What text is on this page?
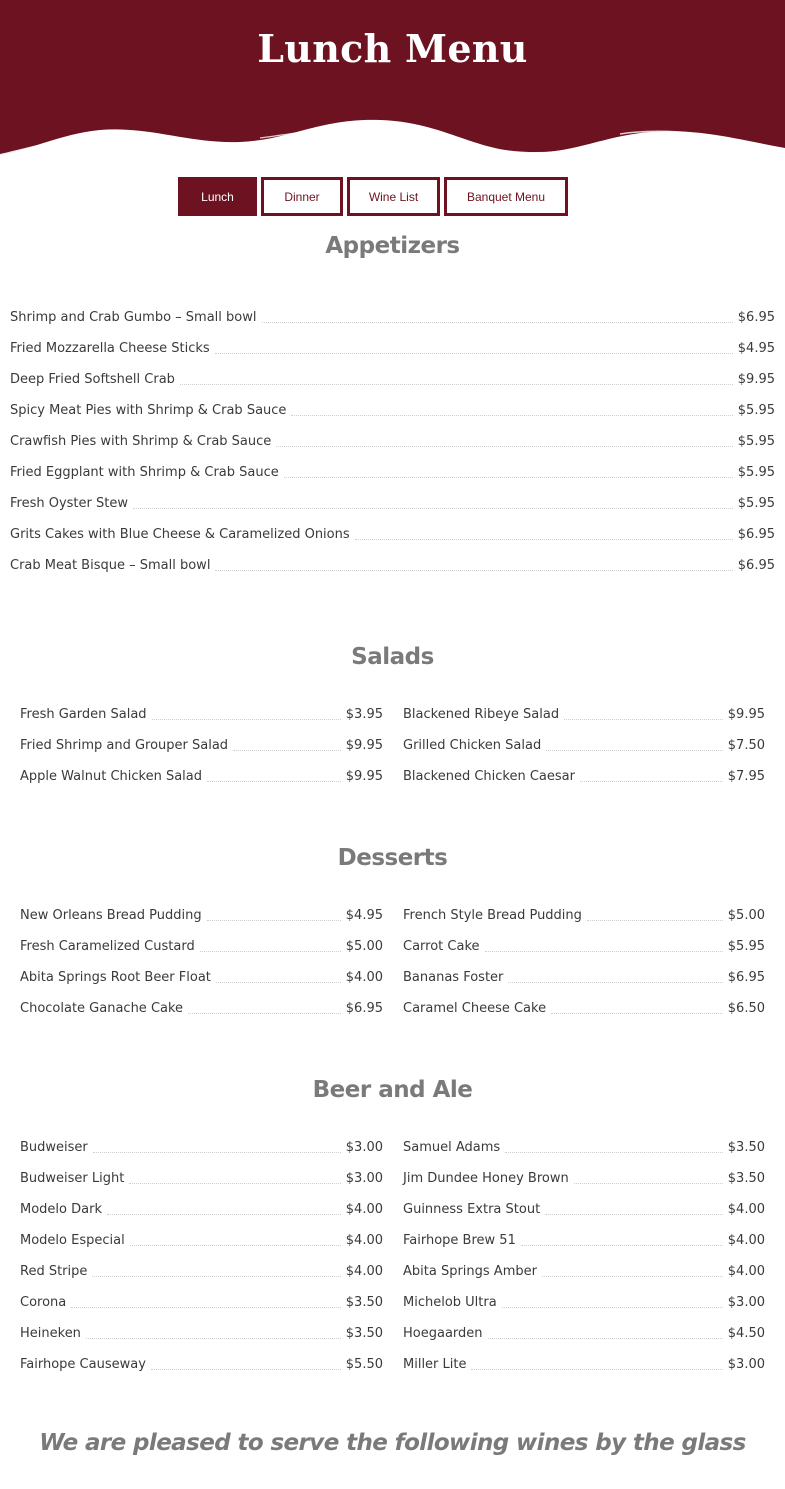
Lunch Menu
Lunch	Dinner	Wine List	Banquet Menu
Appetizers
Shrimp and Crab Gumbo – Small bowl	$6.95
Fried Mozzarella Cheese Sticks	$4.95
Deep Fried Softshell Crab	$9.95
Spicy Meat Pies with Shrimp & Crab Sauce	$5.95
Crawfish Pies with Shrimp & Crab Sauce	$5.95
Fried Eggplant with Shrimp & Crab Sauce	$5.95
Fresh Oyster Stew	$5.95
Grits Cakes with Blue Cheese & Caramelized Onions	$6.95
Crab Meat Bisque – Small bowl	$6.95
Salads
Fresh Garden Salad	$3.95
Fried Shrimp and Grouper Salad	$9.95
Apple Walnut Chicken Salad	$9.95
Blackened Ribeye Salad	$9.95
Grilled Chicken Salad	$7.50
Blackened Chicken Caesar	$7.95
Desserts
New Orleans Bread Pudding	$4.95
Fresh Caramelized Custard	$5.00
Abita Springs Root Beer Float	$4.00
Chocolate Ganache Cake	$6.95
French Style Bread Pudding	$5.00
Carrot Cake	$5.95
Bananas Foster	$6.95
Caramel Cheese Cake	$6.50
Beer and Ale
Budweiser	$3.00
Budweiser Light	$3.00
Modelo Dark	$4.00
Modelo Especial	$4.00
Red Stripe	$4.00
Corona	$3.50
Heineken	$3.50
Fairhope Causeway	$5.50
Samuel Adams	$3.50
Jim Dundee Honey Brown	$3.50
Guinness Extra Stout	$4.00
Fairhope Brew 51	$4.00
Abita Springs Amber	$4.00
Michelob Ultra	$3.00
Hoegaarden	$4.50
Miller Lite	$3.00
We are pleased to serve the following wines by the glass
